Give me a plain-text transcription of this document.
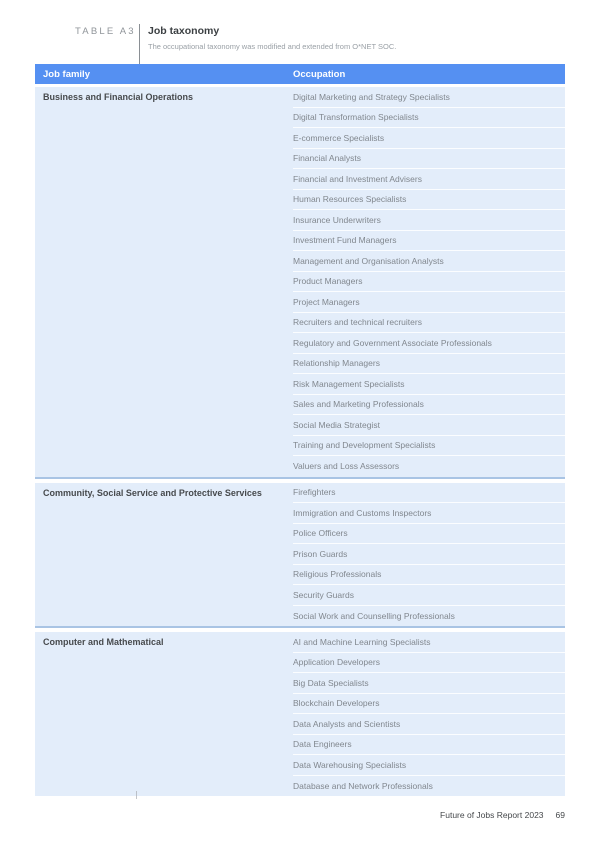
TABLE A3 Job taxonomy
The occupational taxonomy was modified and extended from O*NET SOC.
Job family	Occupation
Business and Financial Operations	Digital Marketing and Strategy Specialists
Digital Transformation Specialists
E-commerce Specialists
Financial Analysts
Financial and Investment Advisers
Human Resources Specialists
Insurance Underwriters
Investment Fund Managers
Management and Organisation Analysts
Product Managers
Project Managers
Recruiters and technical recruiters
Regulatory and Government Associate Professionals
Relationship Managers
Risk Management Specialists
Sales and Marketing Professionals
Social Media Strategist
Training and Development Specialists
Valuers and Loss Assessors
Community, Social Service and Protective Services	Firefighters
Immigration and Customs Inspectors
Police Officers
Prison Guards
Religious Professionals
Security Guards
Social Work and Counselling Professionals
Computer and Mathematical	AI and Machine Learning Specialists
Application Developers
Big Data Specialists
Blockchain Developers
Data Analysts and Scientists
Data Engineers
Data Warehousing Specialists
Database and Network Professionals
Future of Jobs Report 2023 69
